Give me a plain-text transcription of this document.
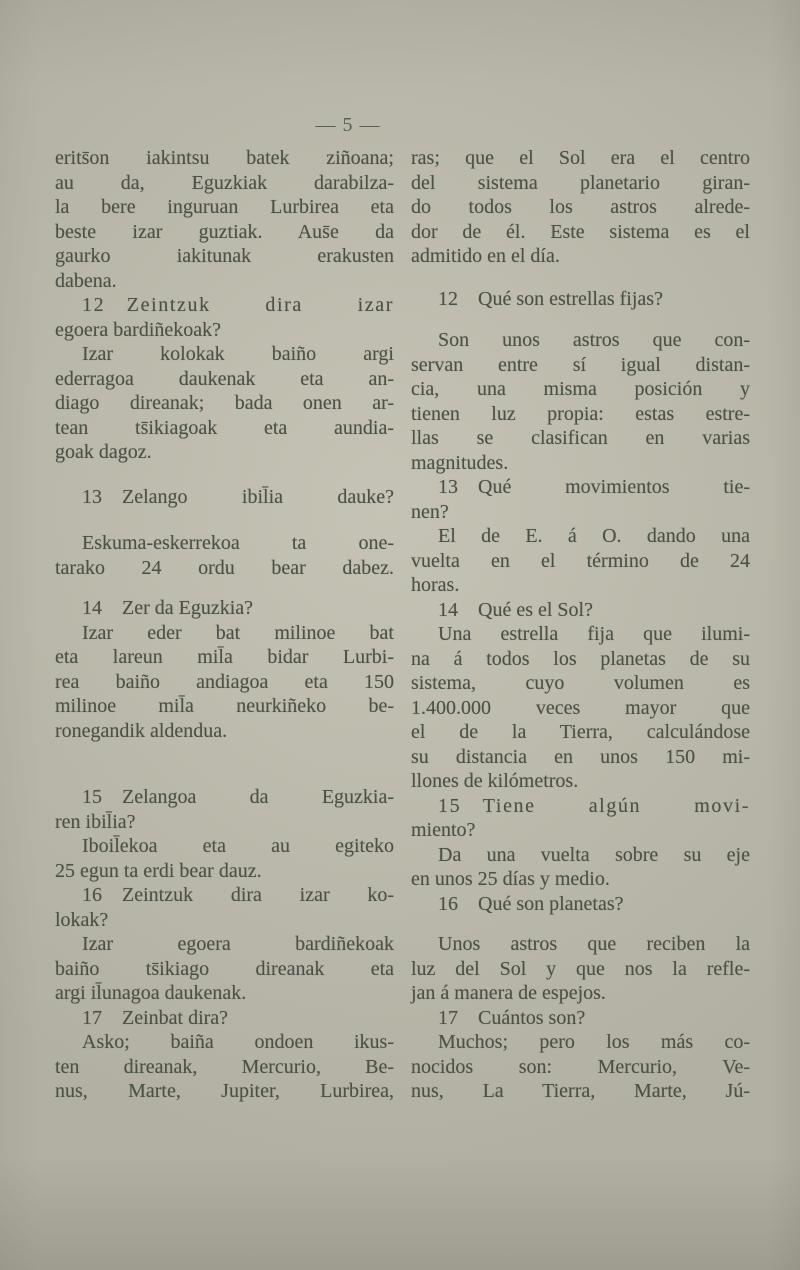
— 5 —
erits̄on iakintsu batek ziñoana;
au da, Eguzkiak darabilza-
la bere inguruan Lurbirea eta
beste izar guztiak. Aus̄e da
gaurko iakitunak erakusten
dabena.
12 Zeintzuk dira izar
egoera bardiñekoak?
Izar kolokak baiño argi
ederragoa daukenak eta an-
diago direanak; bada onen ar-
tean ts̄ikiagoak eta aundia-
goak dagoz.
13 Zelango ibil̄ia dauke?
Eskuma-eskerrekoa ta one-
tarako 24 ordu bear dabez.
14 Zer da Eguzkia?
Izar eder bat milinoe bat
eta lareun mil̄a bidar Lurbi-
rea baiño andiagoa eta 150
milinoe mil̄a neurkiñeko be-
ronegandik aldendua.
15 Zelangoa da Eguzkia-
ren ibil̄ia?
Iboil̄ekoa eta au egiteko
25 egun ta erdi bear dauz.
16 Zeintzuk dira izar ko-
lokak?
Izar egoera bardiñekoak
baiño ts̄ikiago direanak eta
argi il̄unagoa daukenak.
17 Zeinbat dira?
Asko; baiña ondoen ikus-
ten direanak, Mercurio, Be-
nus, Marte, Jupiter, Lurbirea,
ras; que el Sol era el centro
del sistema planetario giran-
do todos los astros alrede-
dor de él. Este sistema es el
admitido en el día.
12 Qué son estrellas fijas?
Son unos astros que con-
servan entre sí igual distan-
cia, una misma posición y
tienen luz propia: estas estre-
llas se clasifican en varias
magnitudes.
13 Qué movimientos tie-
nen?
El de E. á O. dando una
vuelta en el término de 24
horas.
14 Qué es el Sol?
Una estrella fija que ilumi-
na á todos los planetas de su
sistema, cuyo volumen es
1.400.000 veces mayor que
el de la Tierra, calculándose
su distancia en unos 150 mi-
llones de kilómetros.
15 Tiene algún movi-
miento?
Da una vuelta sobre su eje
en unos 25 días y medio.
16 Qué son planetas?
Unos astros que reciben la
luz del Sol y que nos la refle-
jan á manera de espejos.
17 Cuántos son?
Muchos; pero los más co-
nocidos son: Mercurio, Ve-
nus, La Tierra, Marte, Jú-
